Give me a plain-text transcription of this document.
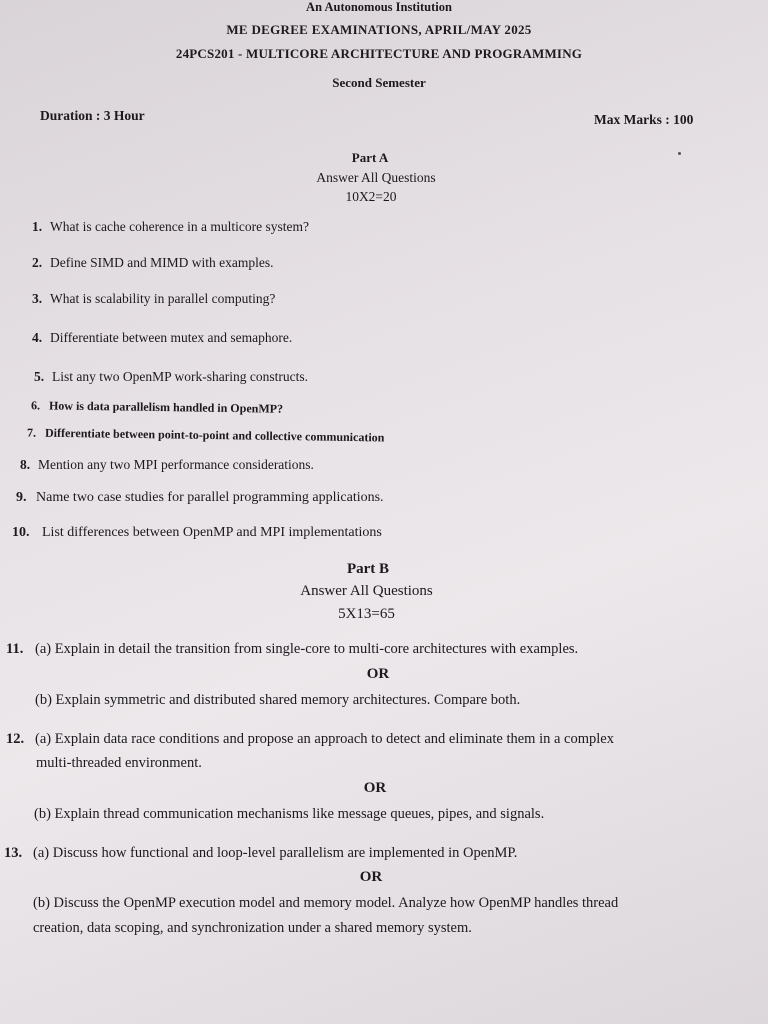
An Autonomous Institution
ME DEGREE EXAMINATIONS, APRIL/MAY 2025
24PCS201 - MULTICORE ARCHITECTURE AND PROGRAMMING
Second Semester
Duration : 3 Hour	Max Marks : 100
Part A
Answer All Questions
10X2=20
1. What is cache coherence in a multicore system?
2. Define SIMD and MIMD with examples.
3. What is scalability in parallel computing?
4. Differentiate between mutex and semaphore.
5. List any two OpenMP work-sharing constructs.
6. How is data parallelism handled in OpenMP?
7. Differentiate between point-to-point and collective communication
8. Mention any two MPI performance considerations.
9. Name two case studies for parallel programming applications.
10. List differences between OpenMP and MPI implementations
Part B
Answer All Questions
5X13=65
11. (a) Explain in detail the transition from single-core to multi-core architectures with examples.
OR
(b) Explain symmetric and distributed shared memory architectures. Compare both.
12. (a) Explain data race conditions and propose an approach to detect and eliminate them in a complex
multi-threaded environment.
OR
(b) Explain thread communication mechanisms like message queues, pipes, and signals.
13. (a) Discuss how functional and loop-level parallelism are implemented in OpenMP.
OR
(b) Discuss the OpenMP execution model and memory model. Analyze how OpenMP handles thread
creation, data scoping, and synchronization under a shared memory system.
